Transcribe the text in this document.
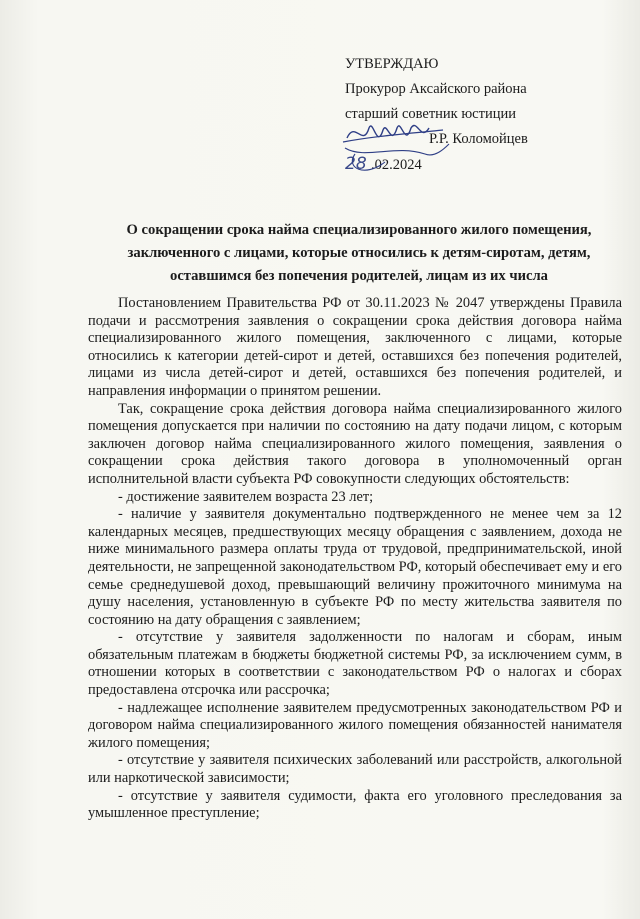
УТВЕРЖДАЮ
Прокурор Аксайского района
старший советник юстиции
Р.Р. Коломойцев
28 .02.2024
О сокращении срока найма специализированного жилого помещения, заключенного с лицами, которые относились к детям-сиротам, детям, оставшимся без попечения родителей, лицам из их числа

Постановлением Правительства РФ от 30.11.2023 № 2047 утверждены Правила подачи и рассмотрения заявления о сокращении срока действия договора найма специализированного жилого помещения, заключенного с лицами, которые относились к категории детей-сирот и детей, оставшихся без попечения родителей, лицами из числа детей-сирот и детей, оставшихся без попечения родителей, и направления информации о принятом решении.

Так, сокращение срока действия договора найма специализированного жилого помещения допускается при наличии по состоянию на дату подачи лицом, с которым заключен договор найма специализированного жилого помещения, заявления о сокращении срока действия такого договора в уполномоченный орган исполнительной власти субъекта РФ совокупности следующих обстоятельств:

- достижение заявителем возраста 23 лет;

- наличие у заявителя документально подтвержденного не менее чем за 12 календарных месяцев, предшествующих месяцу обращения с заявлением, дохода не ниже минимального размера оплаты труда от трудовой, предпринимательской, иной деятельности, не запрещенной законодательством РФ, который обеспечивает ему и его семье среднедушевой доход, превышающий величину прожиточного минимума на душу населения, установленную в субъекте РФ по месту жительства заявителя по состоянию на дату обращения с заявлением;

- отсутствие у заявителя задолженности по налогам и сборам, иным обязательным платежам в бюджеты бюджетной системы РФ, за исключением сумм, в отношении которых в соответствии с законодательством РФ о налогах и сборах предоставлена отсрочка или рассрочка;

- надлежащее исполнение заявителем предусмотренных законодательством РФ и договором найма специализированного жилого помещения обязанностей нанимателя жилого помещения;

- отсутствие у заявителя психических заболеваний или расстройств, алкогольной или наркотической зависимости;

- отсутствие у заявителя судимости, факта его уголовного преследования за умышленное преступление;
